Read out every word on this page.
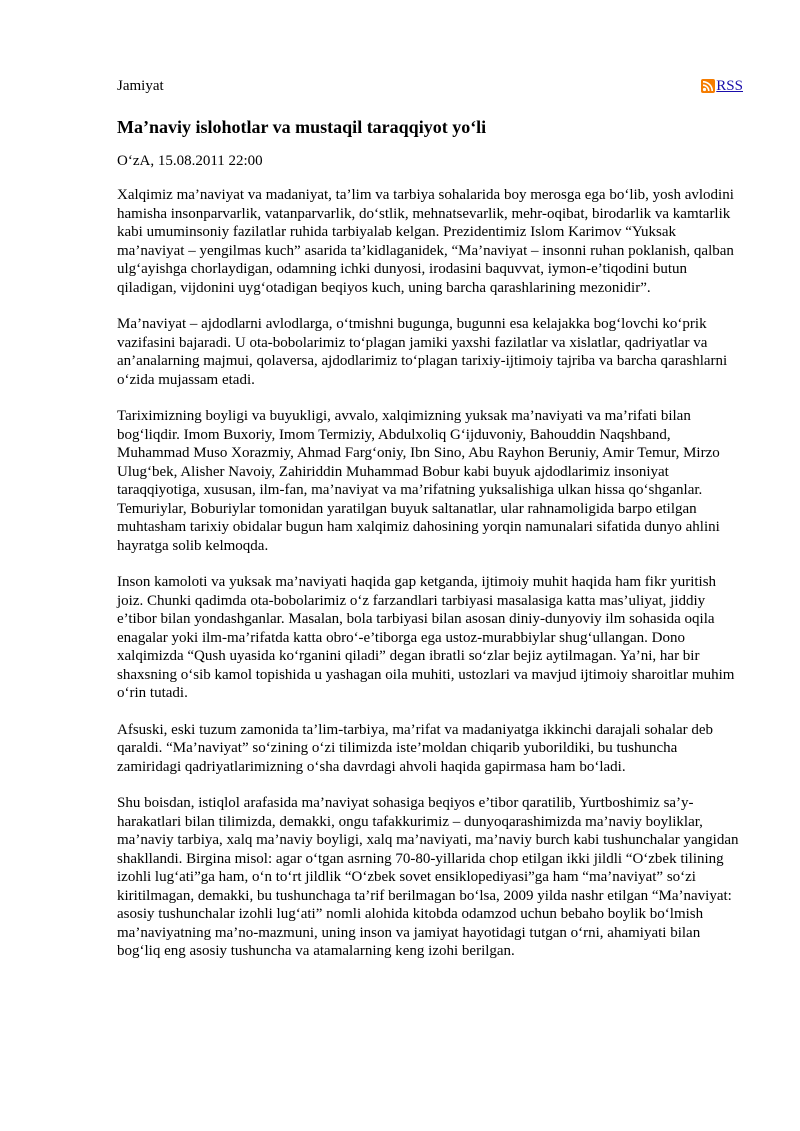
Jamiyat	RSS
Ma’naviy islohotlar va mustaqil taraqqiyot yo‘li
O‘zA, 15.08.2011 22:00

Xalqimiz ma’naviyat va madaniyat, ta’lim va tarbiya sohalarida boy merosga ega bo‘lib, yosh avlodini hamisha insonparvarlik, vatanparvarlik, do‘stlik, mehnatsevarlik, mehr-oqibat, birodarlik va kamtarlik kabi umuminsoniy fazilatlar ruhida tarbiyalab kelgan. Prezidentimiz Islom Karimov “Yuksak ma’naviyat – yengilmas kuch” asarida ta’kidlaganidek, “Ma’naviyat – insonni ruhan poklanish, qalban ulg‘ayishga chorlaydigan, odamning ichki dunyosi, irodasini baquvvat, iymon-e’tiqodini butun qiladigan, vijdonini uyg‘otadigan beqiyos kuch, uning barcha qarashlarining mezonidir”.

Ma’naviyat – ajdodlarni avlodlarga, o‘tmishni bugunga, bugunni esa kelajakka bog‘lovchi ko‘prik vazifasini bajaradi. U ota-bobolarimiz to‘plagan jamiki yaxshi fazilatlar va xislatlar, qadriyatlar va an’analarning majmui, qolaversa, ajdodlarimiz to‘plagan tarixiy-ijtimoiy tajriba va barcha qarashlarni o‘zida mujassam etadi.

Tariximizning boyligi va buyukligi, avvalo, xalqimizning yuksak ma’naviyati va ma’rifati bilan bog‘liqdir. Imom Buxoriy, Imom Termiziy, Abdulxoliq G‘ijduvoniy, Bahouddin Naqshband, Muhammad Muso Xorazmiy, Ahmad Farg‘oniy, Ibn Sino, Abu Rayhon Beruniy, Amir Temur, Mirzo Ulug‘bek, Alisher Navoiy, Zahiriddin Muhammad Bobur kabi buyuk ajdodlarimiz insoniyat taraqqiyotiga, xususan, ilm-fan, ma’naviyat va ma’rifatning yuksalishiga ulkan hissa qo‘shganlar. Temuriylar, Boburiylar tomonidan yaratilgan buyuk saltanatlar, ular rahnamoligida barpo etilgan muhtasham tarixiy obidalar bugun ham xalqimiz dahosining yorqin namunalari sifatida dunyo ahlini hayratga solib kelmoqda.

Inson kamoloti va yuksak ma’naviyati haqida gap ketganda, ijtimoiy muhit haqida ham fikr yuritish joiz. Chunki qadimda ota-bobolarimiz o‘z farzandlari tarbiyasi masalasiga katta mas’uliyat, jiddiy e’tibor bilan yondashganlar. Masalan, bola tarbiyasi bilan asosan diniy-dunyoviy ilm sohasida oqila enagalar yoki ilm-ma’rifatda katta obro‘-e’tiborga ega ustoz-murabbiylar shug‘ullangan. Dono xalqimizda “Qush uyasida ko‘rganini qiladi” degan ibratli so‘zlar bejiz aytilmagan. Ya’ni, har bir shaxsning o‘sib kamol topishida u yashagan oila muhiti, ustozlari va mavjud ijtimoiy sharoitlar muhim o‘rin tutadi.

Afsuski, eski tuzum zamonida ta’lim-tarbiya, ma’rifat va madaniyatga ikkinchi darajali sohalar deb qaraldi. “Ma’naviyat” so‘zining o‘zi tilimizda iste’moldan chiqarib yuborildiki, bu tushuncha zamiridagi qadriyatlarimizning o‘sha davrdagi ahvoli haqida gapirmasa ham bo‘ladi.

Shu boisdan, istiqlol arafasida ma’naviyat sohasiga beqiyos e’tibor qaratilib, Yurtboshimiz sa’y-harakatlari bilan tilimizda, demakki, ongu tafakkurimiz – dunyoqarashimizda ma’naviy boyliklar, ma’naviy tarbiya, xalq ma’naviy boyligi, xalq ma’naviyati, ma’naviy burch kabi tushunchalar yangidan shakllandi. Birgina misol: agar o‘tgan asrning 70-80-yillarida chop etilgan ikki jildli “O‘zbek tilining izohli lug‘ati”ga ham, o‘n to‘rt jildlik “O‘zbek sovet ensiklopediyasi”ga ham “ma’naviyat” so‘zi kiritilmagan, demakki, bu tushunchaga ta’rif berilmagan bo‘lsa, 2009 yilda nashr etilgan “Ma’naviyat: asosiy tushunchalar izohli lug‘ati” nomli alohida kitobda odamzod uchun bebaho boylik bo‘lmish ma’naviyatning ma’no-mazmuni, uning inson va jamiyat hayotidagi tutgan o‘rni, ahamiyati bilan bog‘liq eng asosiy tushuncha va atamalarning keng izohi berilgan.
